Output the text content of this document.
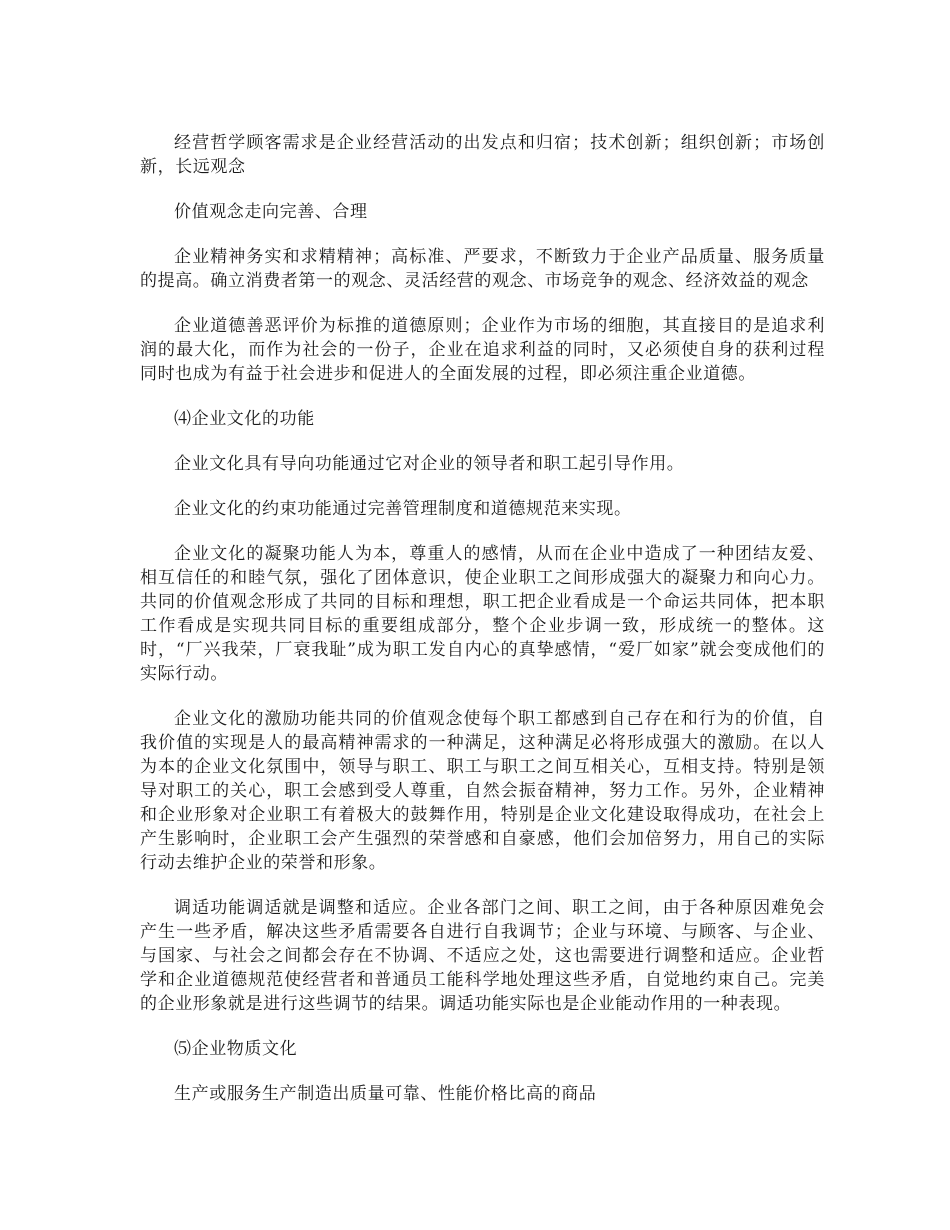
经营哲学顾客需求是企业经营活动的出发点和归宿；技术创新；组织创新；市场创新，长远观念

价值观念走向完善、合理

企业精神务实和求精精神；高标准、严要求，不断致力于企业产品质量、服务质量的提高。确立消费者第一的观念、灵活经营的观念、市场竞争的观念、经济效益的观念

企业道德善恶评价为标推的道德原则；企业作为市场的细胞，其直接目的是追求利润的最大化，而作为社会的一份子，企业在追求利益的同时，又必须使自身的获利过程同时也成为有益于社会进步和促进人的全面发展的过程，即必须注重企业道德。

⑷企业文化的功能

企业文化具有导向功能通过它对企业的领导者和职工起引导作用。

企业文化的约束功能通过完善管理制度和道德规范来实现。

企业文化的凝聚功能人为本，尊重人的感情，从而在企业中造成了一种团结友爱、相互信任的和睦气氛，强化了团体意识，使企业职工之间形成强大的凝聚力和向心力。共同的价值观念形成了共同的目标和理想，职工把企业看成是一个命运共同体，把本职工作看成是实现共同目标的重要组成部分，整个企业步调一致，形成统一的整体。这时，“厂兴我荣，厂衰我耻”成为职工发自内心的真挚感情，“爱厂如家”就会变成他们的实际行动。

企业文化的激励功能共同的价值观念使每个职工都感到自己存在和行为的价值，自我价值的实现是人的最高精神需求的一种满足，这种满足必将形成强大的激励。在以人为本的企业文化氛围中，领导与职工、职工与职工之间互相关心，互相支持。特别是领导对职工的关心，职工会感到受人尊重，自然会振奋精神，努力工作。另外，企业精神和企业形象对企业职工有着极大的鼓舞作用，特别是企业文化建设取得成功，在社会上产生影响时，企业职工会产生强烈的荣誉感和自豪感，他们会加倍努力，用自己的实际行动去维护企业的荣誉和形象。

调适功能调适就是调整和适应。企业各部门之间、职工之间，由于各种原因难免会产生一些矛盾，解决这些矛盾需要各自进行自我调节；企业与环境、与顾客、与企业、与国家、与社会之间都会存在不协调、不适应之处，这也需要进行调整和适应。企业哲学和企业道德规范使经营者和普通员工能科学地处理这些矛盾，自觉地约束自己。完美的企业形象就是进行这些调节的结果。调适功能实际也是企业能动作用的一种表现。

⑸企业物质文化

生产或服务生产制造出质量可靠、性能价格比高的商品
